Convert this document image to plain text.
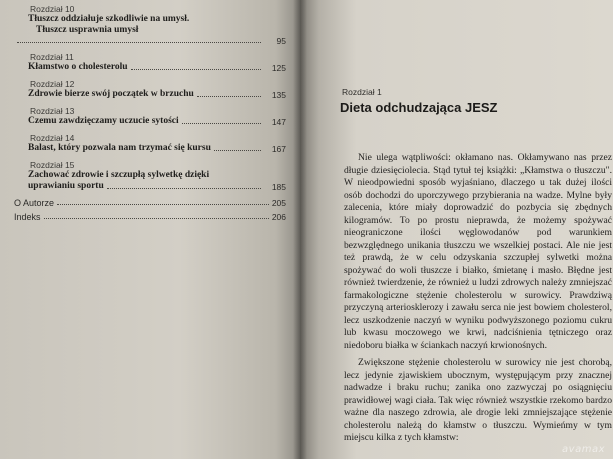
Rozdział 10
Tłuszcz oddziałuje szkodliwie na umysł.
Tłuszcz usprawnia umysł
95
Rozdział 11
Kłamstwo o cholesterolu	125
Rozdział 12
Zdrowie bierze swój początek w brzuchu	135
Rozdział 13
Czemu zawdzięczamy uczucie sytości	147
Rozdział 14
Balast, który pozwala nam trzymać się kursu	167
Rozdział 15
Zachować zdrowie i szczupłą sylwetkę dzięki
uprawianiu sportu	185
O Autorze	205
Indeks	206
Rozdział 1
Dieta odchudzająca JESZ

Nie ulega wątpliwości: okłamano nas. Okłamywano nas przez długie dziesięciolecia. Stąd tytuł tej książki: „Kłamstwa o tłuszczu". W nieodpowiedni sposób wyjaśniano, dlaczego u tak dużej ilości osób dochodzi do uporczywego przybierania na wadze. Mylne były zalecenia, które miały doprowadzić do pozbycia się zbędnych kilogramów. To po prostu nieprawda, że możemy spożywać nieograniczone ilości węglowodanów pod warunkiem bezwzględnego unikania tłuszczu we wszelkiej postaci. Ale nie jest też prawdą, że w celu odzyskania szczupłej sylwetki można spożywać do woli tłuszcze i białko, śmietanę i masło. Błędne jest również twierdzenie, że również u ludzi zdrowych należy zmniejszać farmakologiczne stężenie cholesterolu w surowicy. Prawdziwą przyczyną arteriosklerozy i zawału serca nie jest bowiem cholesterol, lecz uszkodzenie naczyń w wyniku podwyższonego poziomu cukru lub kwasu moczowego we krwi, nadciśnienia tętniczego oraz niedoboru białka w ściankach naczyń krwionośnych.

Zwiększone stężenie cholesterolu w surowicy nie jest chorobą, lecz jedynie zjawiskiem ubocznym, występującym przy znacznej nadwadze i braku ruchu; zanika ono zazwyczaj po osiągnięciu prawidłowej wagi ciała. Tak więc również wszystkie rzekomo bardzo ważne dla naszego zdrowia, ale drogie leki zmniejszające stężenie cholesterolu należą do kłamstw o tłuszczu. Wymieńmy w tym miejscu kilka z tych kłamstw:

avamax
